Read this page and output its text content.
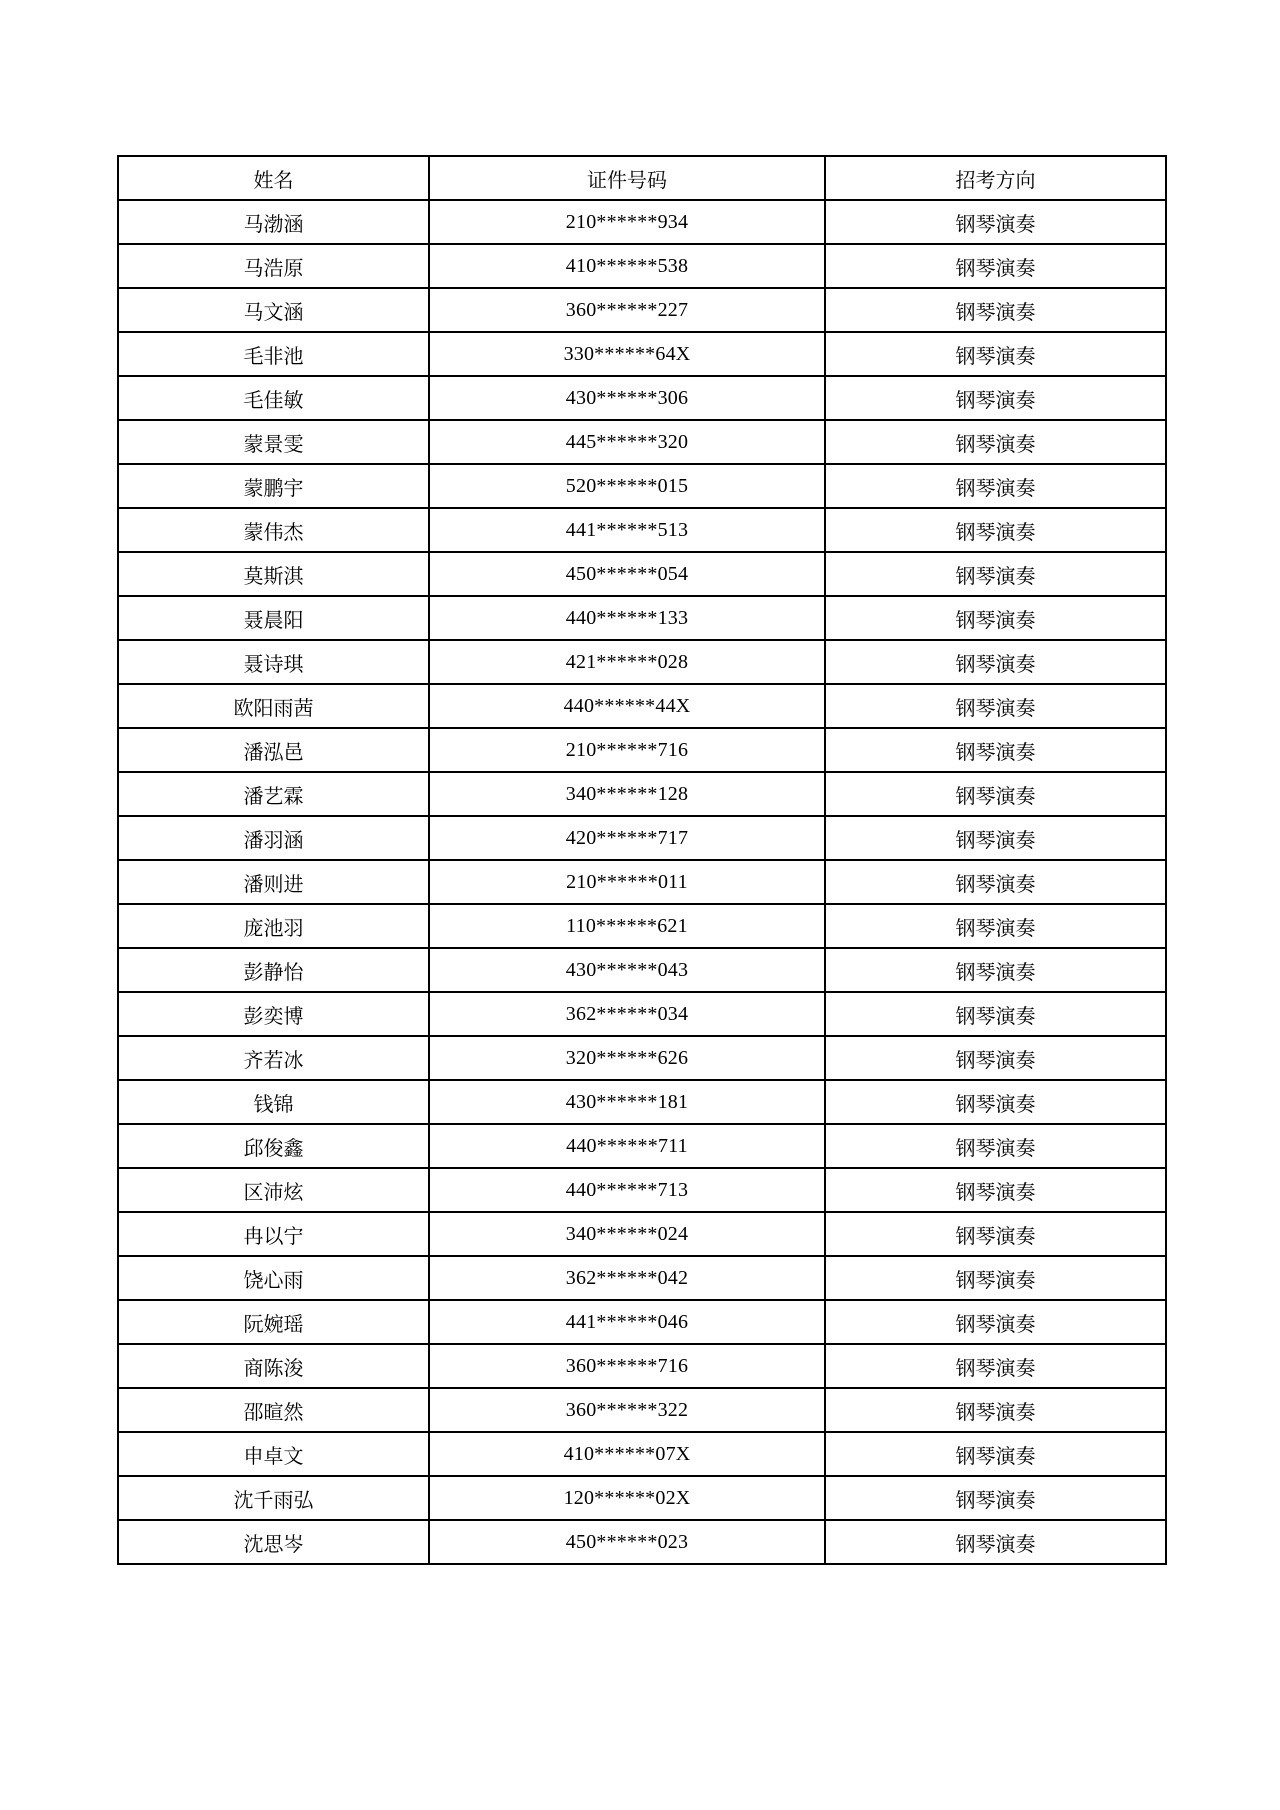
姓名	证件号码	招考方向
马渤涵	210******934	钢琴演奏
马浩原	410******538	钢琴演奏
马文涵	360******227	钢琴演奏
毛非池	330******64X	钢琴演奏
毛佳敏	430******306	钢琴演奏
蒙景雯	445******320	钢琴演奏
蒙鹏宇	520******015	钢琴演奏
蒙伟杰	441******513	钢琴演奏
莫斯淇	450******054	钢琴演奏
聂晨阳	440******133	钢琴演奏
聂诗琪	421******028	钢琴演奏
欧阳雨茜	440******44X	钢琴演奏
潘泓邑	210******716	钢琴演奏
潘艺霖	340******128	钢琴演奏
潘羽涵	420******717	钢琴演奏
潘则进	210******011	钢琴演奏
庞池羽	110******621	钢琴演奏
彭静怡	430******043	钢琴演奏
彭奕博	362******034	钢琴演奏
齐若冰	320******626	钢琴演奏
钱锦	430******181	钢琴演奏
邱俊鑫	440******711	钢琴演奏
区沛炫	440******713	钢琴演奏
冉以宁	340******024	钢琴演奏
饶心雨	362******042	钢琴演奏
阮婉瑶	441******046	钢琴演奏
商陈浚	360******716	钢琴演奏
邵暄然	360******322	钢琴演奏
申卓文	410******07X	钢琴演奏
沈千雨弘	120******02X	钢琴演奏
沈思岑	450******023	钢琴演奏
